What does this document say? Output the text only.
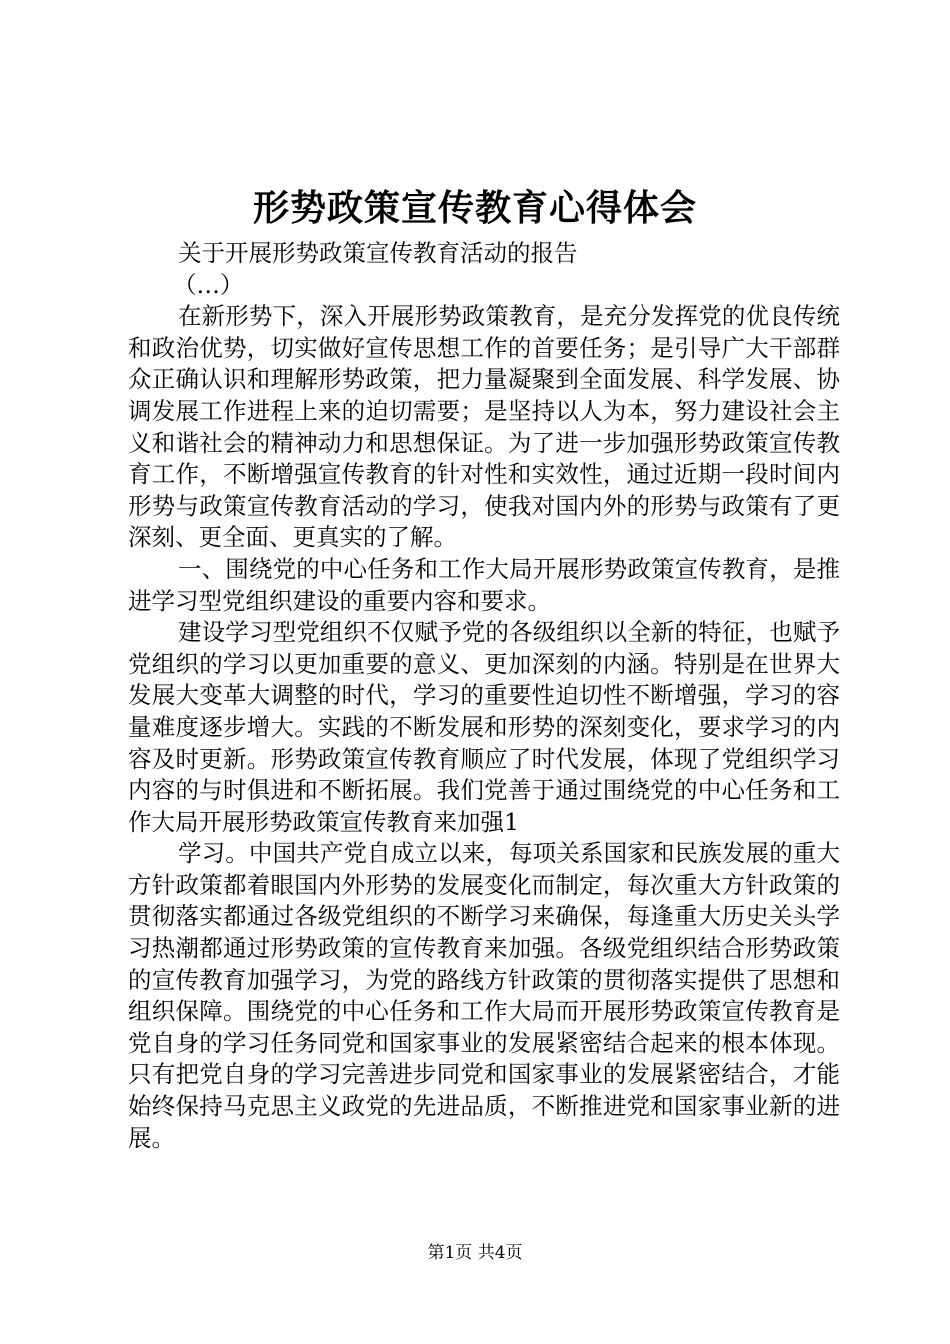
形势政策宣传教育心得体会

关于开展形势政策宣传教育活动的报告

（…）

在新形势下，深入开展形势政策教育，是充分发挥党的优良传统和政治优势，切实做好宣传思想工作的首要任务；是引导广大干部群众正确认识和理解形势政策，把力量凝聚到全面发展、科学发展、协调发展工作进程上来的迫切需要；是坚持以人为本，努力建设社会主义和谐社会的精神动力和思想保证。为了进一步加强形势政策宣传教育工作，不断增强宣传教育的针对性和实效性，通过近期一段时间内形势与政策宣传教育活动的学习，使我对国内外的形势与政策有了更深刻、更全面、更真实的了解。

一、围绕党的中心任务和工作大局开展形势政策宣传教育，是推进学习型党组织建设的重要内容和要求。

建设学习型党组织不仅赋予党的各级组织以全新的特征，也赋予党组织的学习以更加重要的意义、更加深刻的内涵。特别是在世界大发展大变革大调整的时代，学习的重要性迫切性不断增强，学习的容量难度逐步增大。实践的不断发展和形势的深刻变化，要求学习的内容及时更新。形势政策宣传教育顺应了时代发展，体现了党组织学习内容的与时俱进和不断拓展。我们党善于通过围绕党的中心任务和工作大局开展形势政策宣传教育来加强1

学习。中国共产党自成立以来，每项关系国家和民族发展的重大方针政策都着眼国内外形势的发展变化而制定，每次重大方针政策的贯彻落实都通过各级党组织的不断学习来确保，每逢重大历史关头学习热潮都通过形势政策的宣传教育来加强。各级党组织结合形势政策的宣传教育加强学习，为党的路线方针政策的贯彻落实提供了思想和组织保障。围绕党的中心任务和工作大局而开展形势政策宣传教育是党自身的学习任务同党和国家事业的发展紧密结合起来的根本体现。只有把党自身的学习完善进步同党和国家事业的发展紧密结合，才能始终保持马克思主义政党的先进品质，不断推进党和国家事业新的进展。

第1页 共4页
